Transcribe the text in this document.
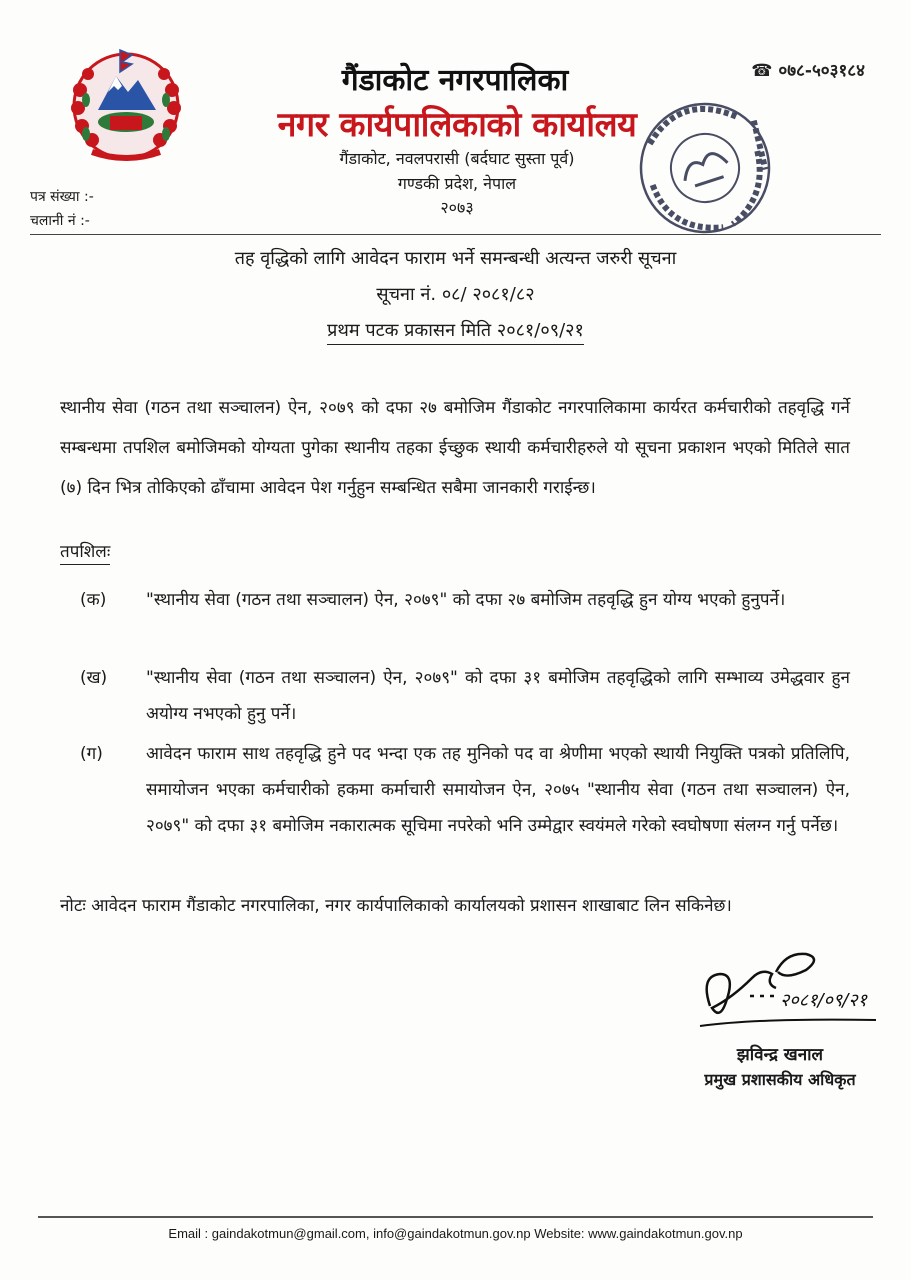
☎ ०७८-५०३१८४
गैंडाकोट नगरपालिका
नगर कार्यपालिकाको कार्यालय
गैंडाकोट, नवलपरासी (बर्दघाट सुस्ता पूर्व)
गण्डकी प्रदेश, नेपाल
२०७३
पत्र संख्या :-
चलानी नं :-
तह वृद्धिको लागि आवेदन फाराम भर्ने समन्बन्धी अत्यन्त जरुरी सूचना
सूचना नं. ०८/ २०८१/८२
प्रथम पटक प्रकासन मिति २०८१/०९/२१
स्थानीय सेवा (गठन तथा सञ्चालन) ऐन, २०७९ को दफा २७ बमोजिम गैंडाकोट नगरपालिकामा कार्यरत कर्मचारीको तहवृद्धि गर्ने सम्बन्धमा तपशिल बमोजिमको योग्यता पुगेका स्थानीय तहका ईच्छुक स्थायी कर्मचारीहरुले यो सूचना प्रकाशन भएको मितिले सात (७) दिन भित्र तोकिएको ढाँचामा आवेदन पेश गर्नुहुन सम्बन्धित सबैमा जानकारी गराईन्छ।
तपशिलः
(क)	"स्थानीय सेवा (गठन तथा सञ्चालन) ऐन, २०७९" को दफा २७ बमोजिम तहवृद्धि हुन योग्य भएको हुनुपर्ने।
(ख)	"स्थानीय सेवा (गठन तथा सञ्चालन) ऐन, २०७९" को दफा ३१ बमोजिम तहवृद्धिको लागि सम्भाव्य उमेद्धवार हुन अयोग्य नभएको हुनु पर्ने।
(ग)	आवेदन फाराम साथ तहवृद्धि हुने पद भन्दा एक तह मुनिको पद वा श्रेणीमा भएको स्थायी नियुक्ति पत्रको प्रतिलिपि, समायोजन भएका कर्मचारीको हकमा कर्माचारी समायोजन ऐन, २०७५ "स्थानीय सेवा (गठन तथा सञ्चालन) ऐन, २०७९" को दफा ३१ बमोजिम नकारात्मक सूचिमा नपरेको भनि उम्मेद्वार स्वयंमले गरेको स्वघोषणा संलग्न गर्नु पर्नेछ।
नोटः आवेदन फाराम गैंडाकोट नगरपालिका, नगर कार्यपालिकाको कार्यालयको प्रशासन शाखाबाट लिन सकिनेछ।
२०८१/०९/२१
झविन्द्र खनाल
प्रमुख प्रशासकीय अधिकृत
Email : gaindakotmun@gmail.com, info@gaindakotmun.gov.np Website: www.gaindakotmun.gov.np
